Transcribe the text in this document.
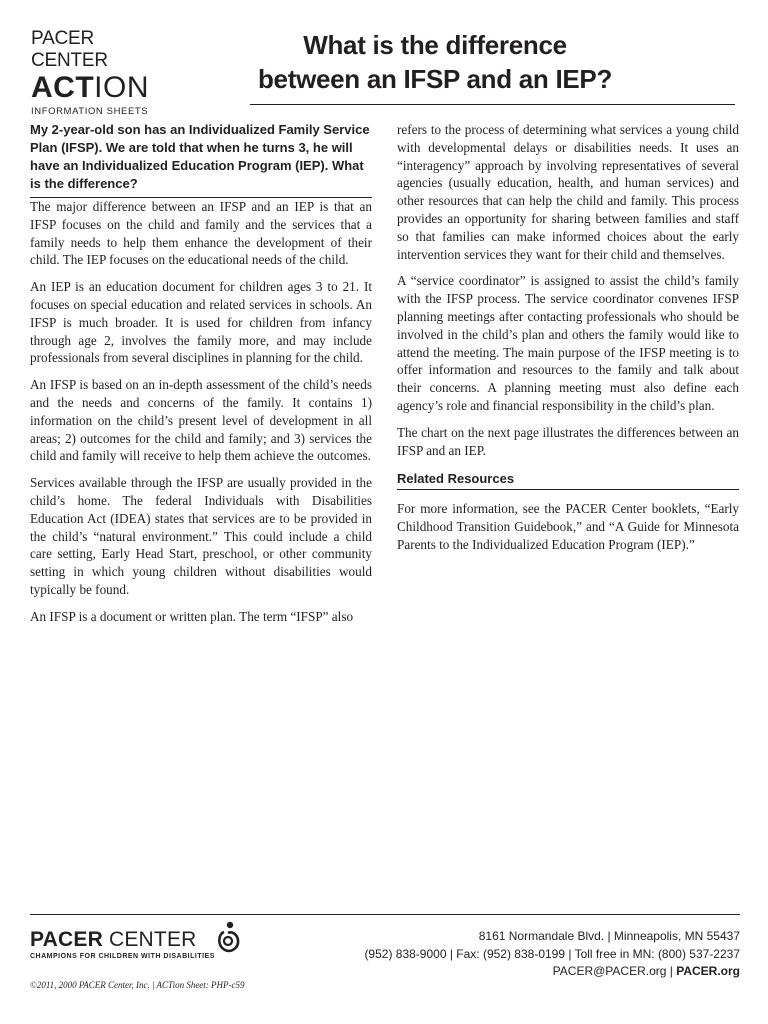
PACER CENTER
ACTION
INFORMATION SHEETS
What is the difference
between an IFSP and an IEP?

My 2-year-old son has an Individualized Family Service Plan (IFSP). We are told that when he turns 3, he will have an Individualized Education Program (IEP). What is the difference?

The major difference between an IFSP and an IEP is that an IFSP focuses on the child and family and the services that a family needs to help them enhance the development of their child. The IEP focuses on the educational needs of the child.

An IEP is an education document for children ages 3 to 21. It focuses on special education and related services in schools. An IFSP is much broader. It is used for children from infancy through age 2, involves the family more, and may include professionals from several disciplines in planning for the child.

An IFSP is based on an in-depth assessment of the child’s needs and the needs and concerns of the family. It contains 1) information on the child’s present level of development in all areas; 2) outcomes for the child and family; and 3) services the child and family will receive to help them achieve the outcomes.

Services available through the IFSP are usually provided in the child’s home. The federal Individuals with Disabilities Education Act (IDEA) states that services are to be provided in the child’s “natural environment.” This could include a child care setting, Early Head Start, preschool, or other community setting in which young children without disabilities would typically be found.

An IFSP is a document or written plan. The term “IFSP” also

refers to the process of determining what services a young child with developmental delays or disabilities needs. It uses an “interagency” approach by involving representatives of several agencies (usually education, health, and human services) and other resources that can help the child and family. This process provides an opportunity for sharing between families and staff so that families can make informed choices about the early intervention services they want for their child and themselves.

A “service coordinator” is assigned to assist the child’s family with the IFSP process. The service coordinator convenes IFSP planning meetings after contacting professionals who should be involved in the child’s plan and others the family would like to attend the meeting. The main purpose of the IFSP meeting is to offer information and resources to the family and talk about their concerns. A planning meeting must also define each agency’s role and financial responsibility in the child’s plan.

The chart on the next page illustrates the differences between an IFSP and an IEP.

Related Resources

For more information, see the PACER Center booklets, “Early Childhood Transition Guidebook,” and “A Guide for Minnesota Parents to the Individualized Education Program (IEP).”

PACER CENTER
CHAMPIONS FOR CHILDREN WITH DISABILITIES
8161 Normandale Blvd. | Minneapolis, MN 55437
(952) 838-9000 | Fax: (952) 838-0199 | Toll free in MN: (800) 537-2237
PACER@PACER.org | PACER.org
©2011, 2000 PACER Center, Inc. | ACTion Sheet: PHP-c59
